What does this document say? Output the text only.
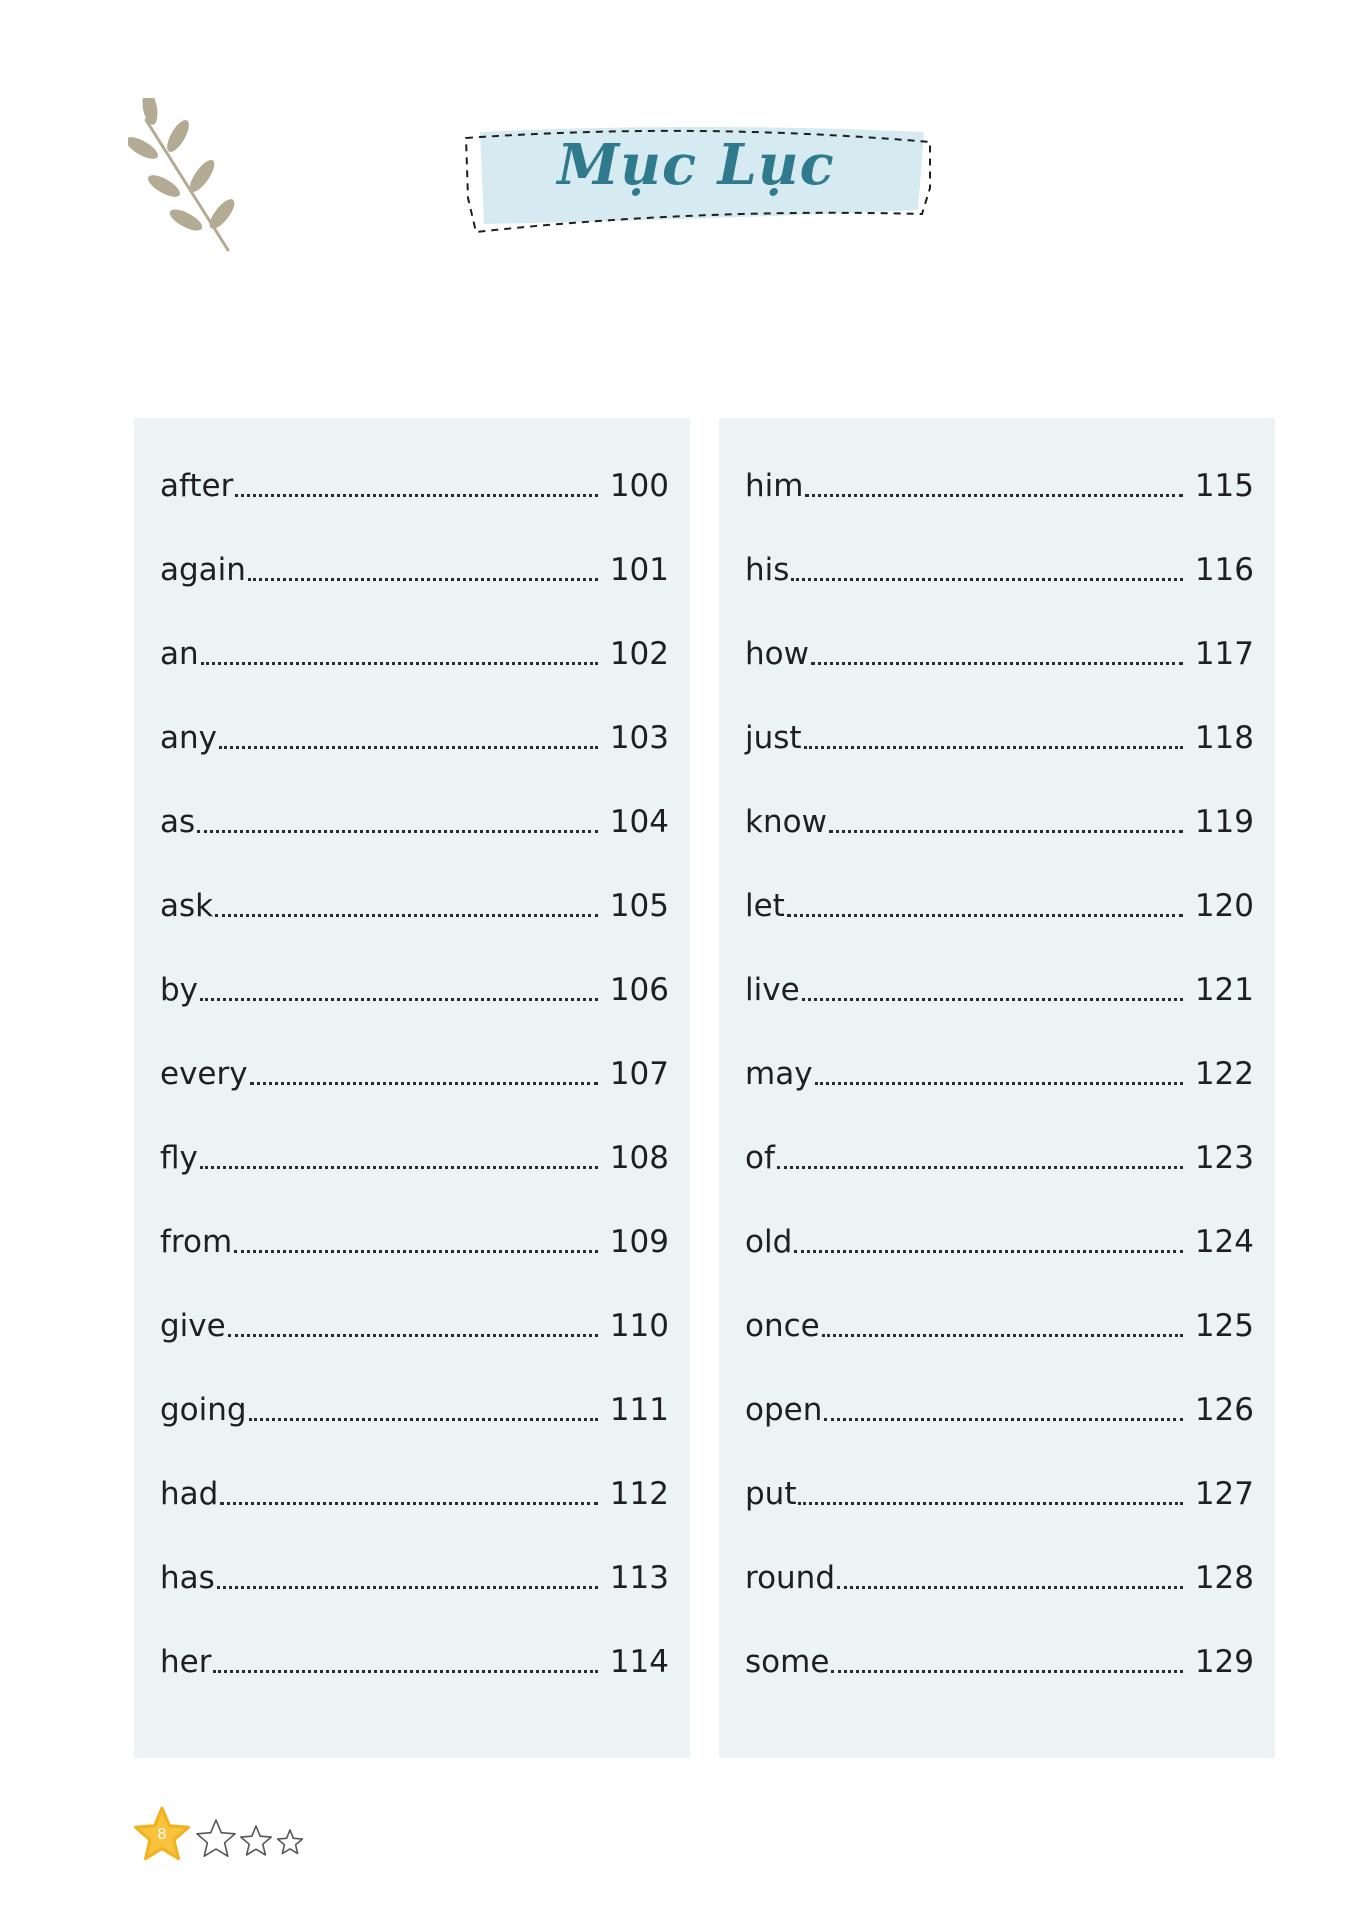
Mục Lục
after	100
again	101
an	102
any	103
as	104
ask	105
by	106
every	107
fly	108
from	109
give	110
going	111
had	112
has	113
her	114
him	115
his	116
how	117
just	118
know	119
let	120
live	121
may	122
of	123
old	124
once	125
open	126
put	127
round	128
some	129
8
